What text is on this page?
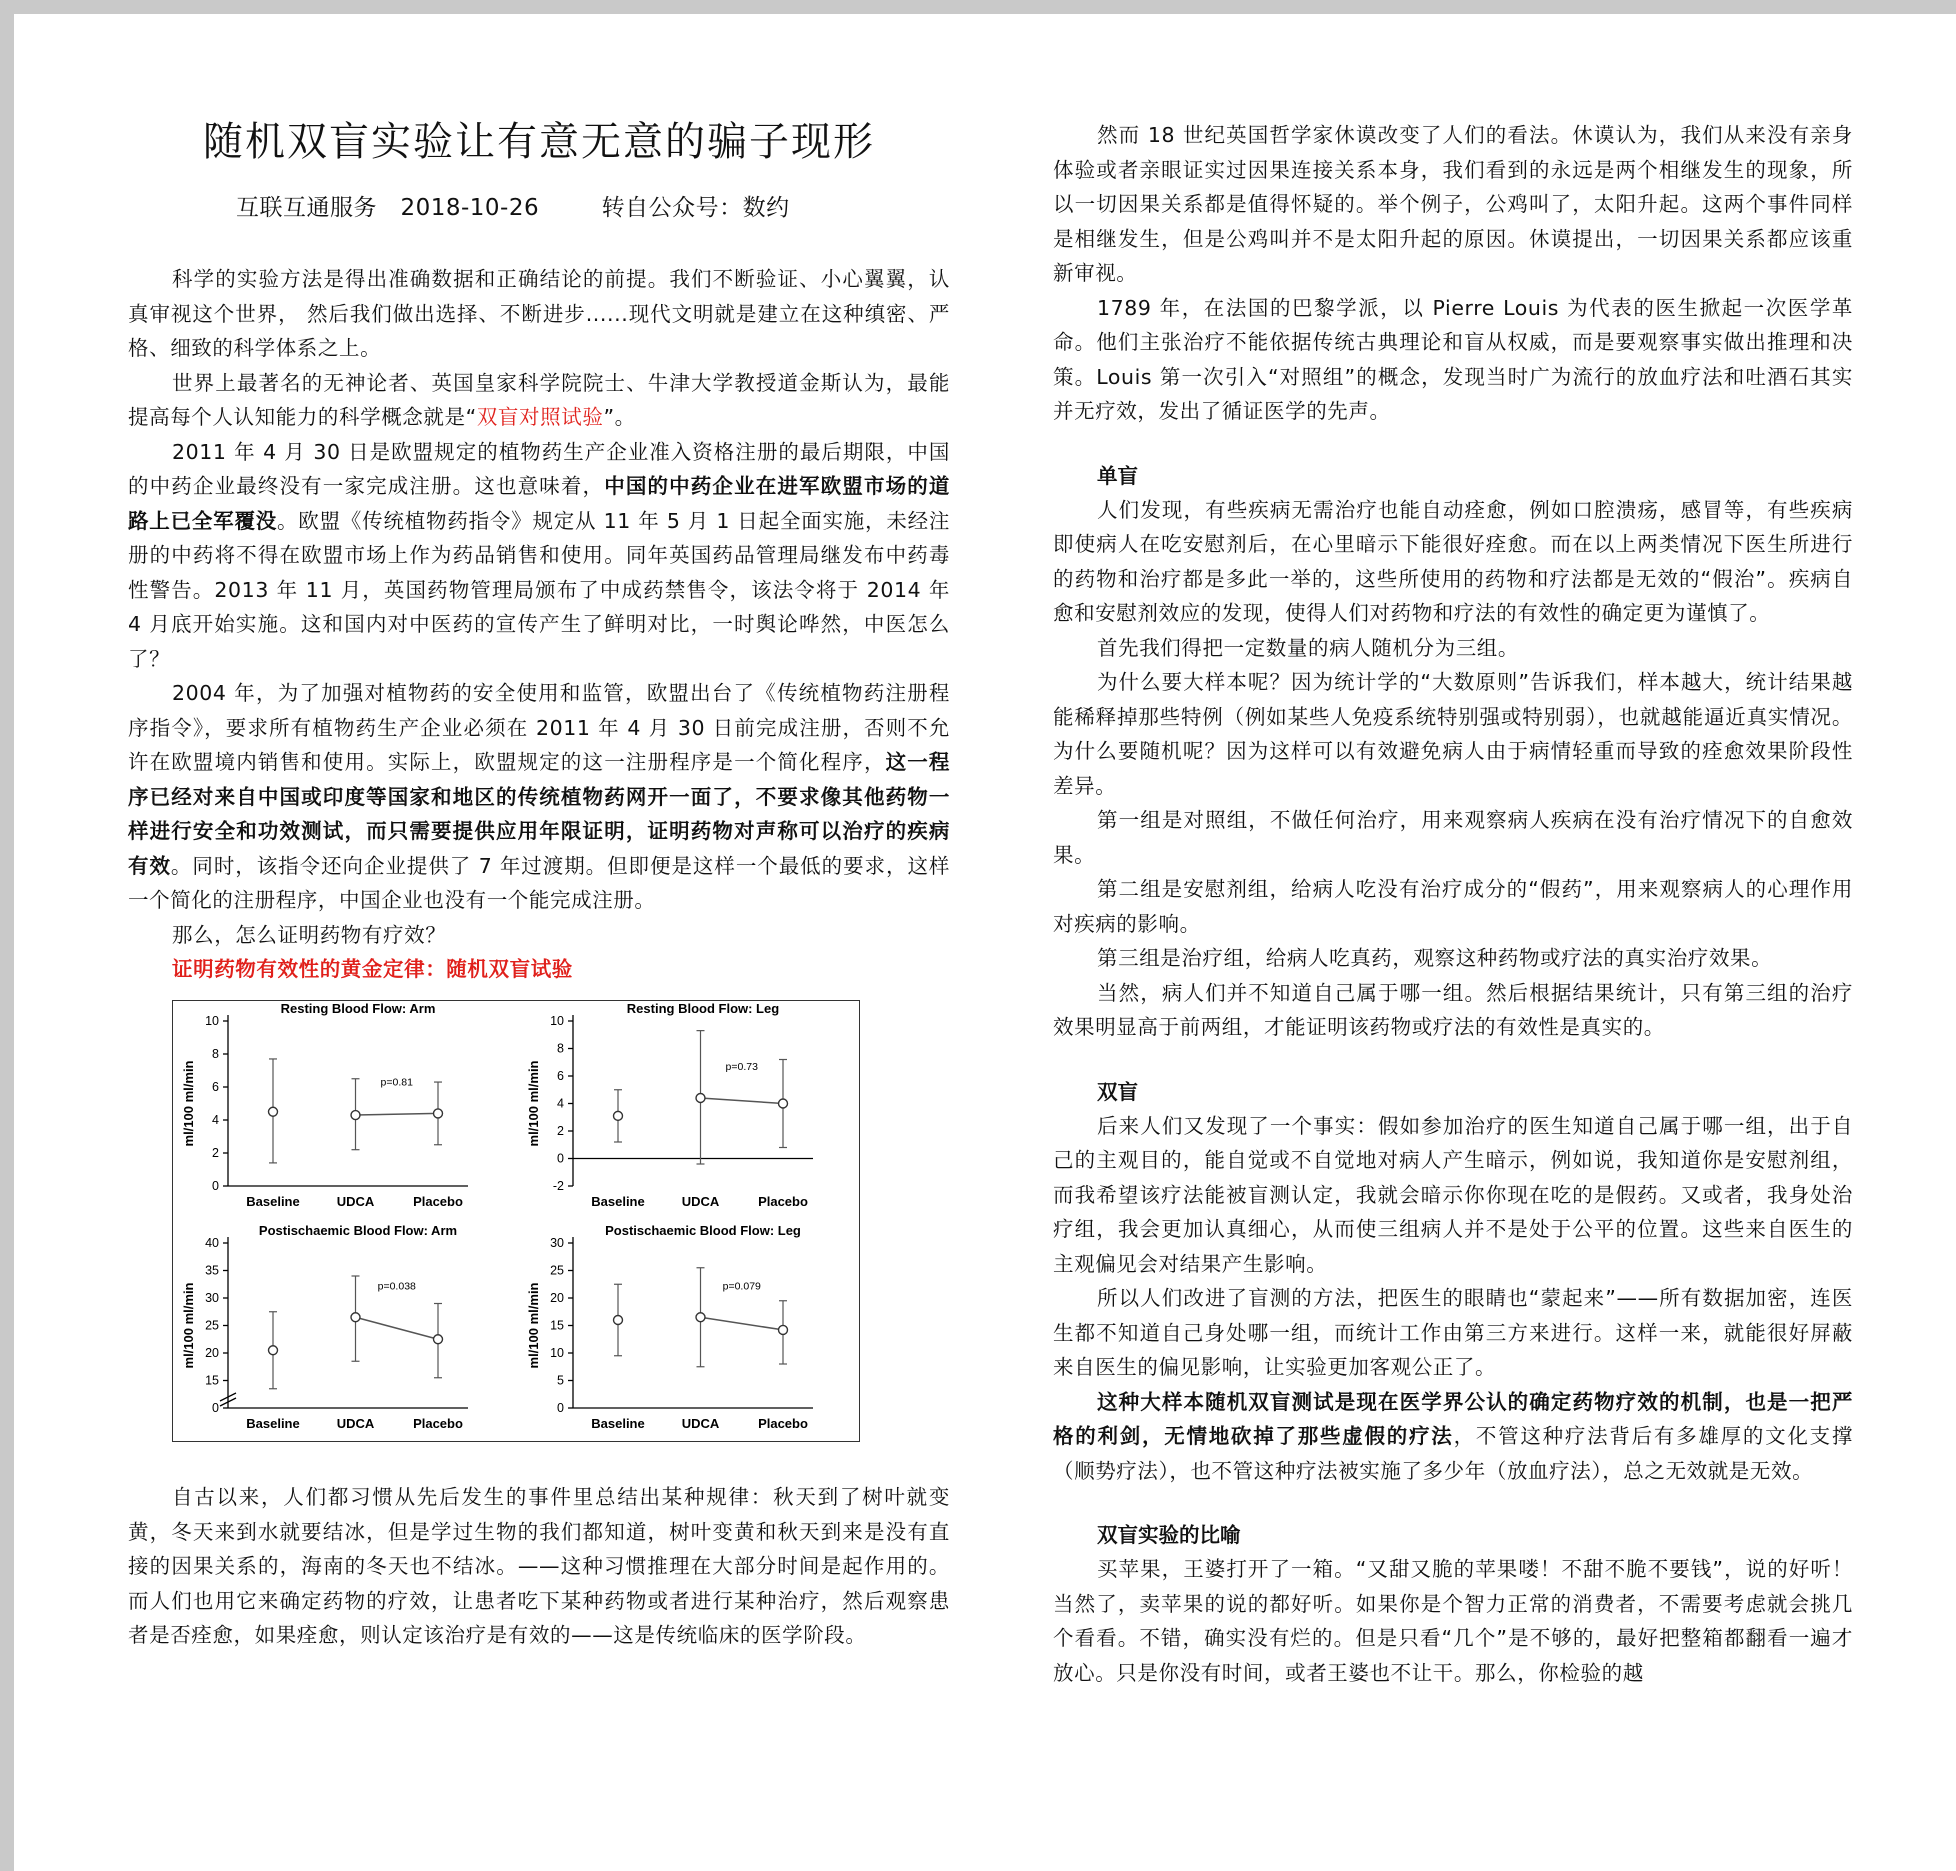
随机双盲实验让有意无意的骗子现形
互联互通服务 2018-10-26	转自公众号：数约

科学的实验方法是得出准确数据和正确结论的前提。我们不断验证、小心翼翼，认真审视这个世界， 然后我们做出选择、不断进步......现代文明就是建立在这种缜密、严格、细致的科学体系之上。

世界上最著名的无神论者、英国皇家科学院院士、牛津大学教授道金斯认为，最能提高每个人认知能力的科学概念就是“双盲对照试验”。

2011 年 4 月 30 日是欧盟规定的植物药生产企业准入资格注册的最后期限，中国的中药企业最终没有一家完成注册。这也意味着，中国的中药企业在进军欧盟市场的道路上已全军覆没。欧盟《传统植物药指令》规定从 11 年 5 月 1 日起全面实施，未经注册的中药将不得在欧盟市场上作为药品销售和使用。同年英国药品管理局继发布中药毒性警告。2013 年 11 月，英国药物管理局颁布了中成药禁售令，该法令将于 2014 年 4 月底开始实施。这和国内对中医药的宣传产生了鲜明对比，一时舆论哗然，中医怎么了？

2004 年，为了加强对植物药的安全使用和监管，欧盟出台了《传统植物药注册程序指令》，要求所有植物药生产企业必须在 2011 年 4 月 30 日前完成注册，否则不允许在欧盟境内销售和使用。实际上，欧盟规定的这一注册程序是一个简化程序，这一程序已经对来自中国或印度等国家和地区的传统植物药网开一面了，不要求像其他药物一样进行安全和功效测试，而只需要提供应用年限证明，证明药物对声称可以治疗的疾病有效。同时，该指令还向企业提供了 7 年过渡期。但即便是这样一个最低的要求，这样一个简化的注册程序，中国企业也没有一个能完成注册。

那么，怎么证明药物有疗效？

证明药物有效性的黄金定律：随机双盲试验

Resting Blood Flow: Arm
ml/100 ml/min
0
2
4
6
8
10
Baseline	UDCA	Placebo
p=0.81
Resting Blood Flow: Leg
ml/100 ml/min
-2
0
2
4
6
8
10
Baseline	UDCA	Placebo
p=0.73
Postischaemic Blood Flow: Arm
ml/100 ml/min
0
15
20
25
30
35
40
Baseline	UDCA	Placebo
p=0.038
Postischaemic Blood Flow: Leg
ml/100 ml/min
0
5
10
15
20
25
30
Baseline	UDCA	Placebo
p=0.079

自古以来，人们都习惯从先后发生的事件里总结出某种规律：秋天到了树叶就变黄，冬天来到水就要结冰，但是学过生物的我们都知道，树叶变黄和秋天到来是没有直接的因果关系的，海南的冬天也不结冰。——这种习惯推理在大部分时间是起作用的。而人们也用它来确定药物的疗效，让患者吃下某种药物或者进行某种治疗，然后观察患者是否痊愈，如果痊愈，则认定该治疗是有效的——这是传统临床的医学阶段。

然而 18 世纪英国哲学家休谟改变了人们的看法。休谟认为，我们从来没有亲身体验或者亲眼证实过因果连接关系本身，我们看到的永远是两个相继发生的现象，所以一切因果关系都是值得怀疑的。举个例子，公鸡叫了，太阳升起。这两个事件同样是相继发生，但是公鸡叫并不是太阳升起的原因。休谟提出，一切因果关系都应该重新审视。

1789 年，在法国的巴黎学派，以 Pierre Louis 为代表的医生掀起一次医学革命。他们主张治疗不能依据传统古典理论和盲从权威，而是要观察事实做出推理和决策。Louis 第一次引入“对照组”的概念，发现当时广为流行的放血疗法和吐酒石其实并无疗效，发出了循证医学的先声。

单盲

人们发现，有些疾病无需治疗也能自动痊愈，例如口腔溃疡，感冒等，有些疾病即使病人在吃安慰剂后，在心里暗示下能很好痊愈。而在以上两类情况下医生所进行的药物和治疗都是多此一举的，这些所使用的药物和疗法都是无效的“假治”。疾病自愈和安慰剂效应的发现，使得人们对药物和疗法的有效性的确定更为谨慎了。

首先我们得把一定数量的病人随机分为三组。

为什么要大样本呢？因为统计学的“大数原则”告诉我们，样本越大，统计结果越能稀释掉那些特例（例如某些人免疫系统特别强或特别弱），也就越能逼近真实情况。为什么要随机呢？因为这样可以有效避免病人由于病情轻重而导致的痊愈效果阶段性差异。

第一组是对照组，不做任何治疗，用来观察病人疾病在没有治疗情况下的自愈效果。

第二组是安慰剂组，给病人吃没有治疗成分的“假药”，用来观察病人的心理作用对疾病的影响。

第三组是治疗组，给病人吃真药，观察这种药物或疗法的真实治疗效果。

当然，病人们并不知道自己属于哪一组。然后根据结果统计，只有第三组的治疗效果明显高于前两组，才能证明该药物或疗法的有效性是真实的。

双盲

后来人们又发现了一个事实：假如参加治疗的医生知道自己属于哪一组，出于自己的主观目的，能自觉或不自觉地对病人产生暗示，例如说，我知道你是安慰剂组，而我希望该疗法能被盲测认定，我就会暗示你你现在吃的是假药。又或者，我身处治疗组，我会更加认真细心，从而使三组病人并不是处于公平的位置。这些来自医生的主观偏见会对结果产生影响。

所以人们改进了盲测的方法，把医生的眼睛也“蒙起来”——所有数据加密，连医生都不知道自己身处哪一组，而统计工作由第三方来进行。这样一来，就能很好屏蔽来自医生的偏见影响，让实验更加客观公正了。

这种大样本随机双盲测试是现在医学界公认的确定药物疗效的机制，也是一把严格的利剑，无情地砍掉了那些虚假的疗法，不管这种疗法背后有多雄厚的文化支撑（顺势疗法），也不管这种疗法被实施了多少年（放血疗法），总之无效就是无效。

双盲实验的比喻

买苹果，王婆打开了一箱。“又甜又脆的苹果喽！不甜不脆不要钱”，说的好听！当然了，卖苹果的说的都好听。如果你是个智力正常的消费者，不需要考虑就会挑几个看看。不错，确实没有烂的。但是只看“几个”是不够的，最好把整箱都翻看一遍才放心。只是你没有时间，或者王婆也不让干。那么，你检验的越
